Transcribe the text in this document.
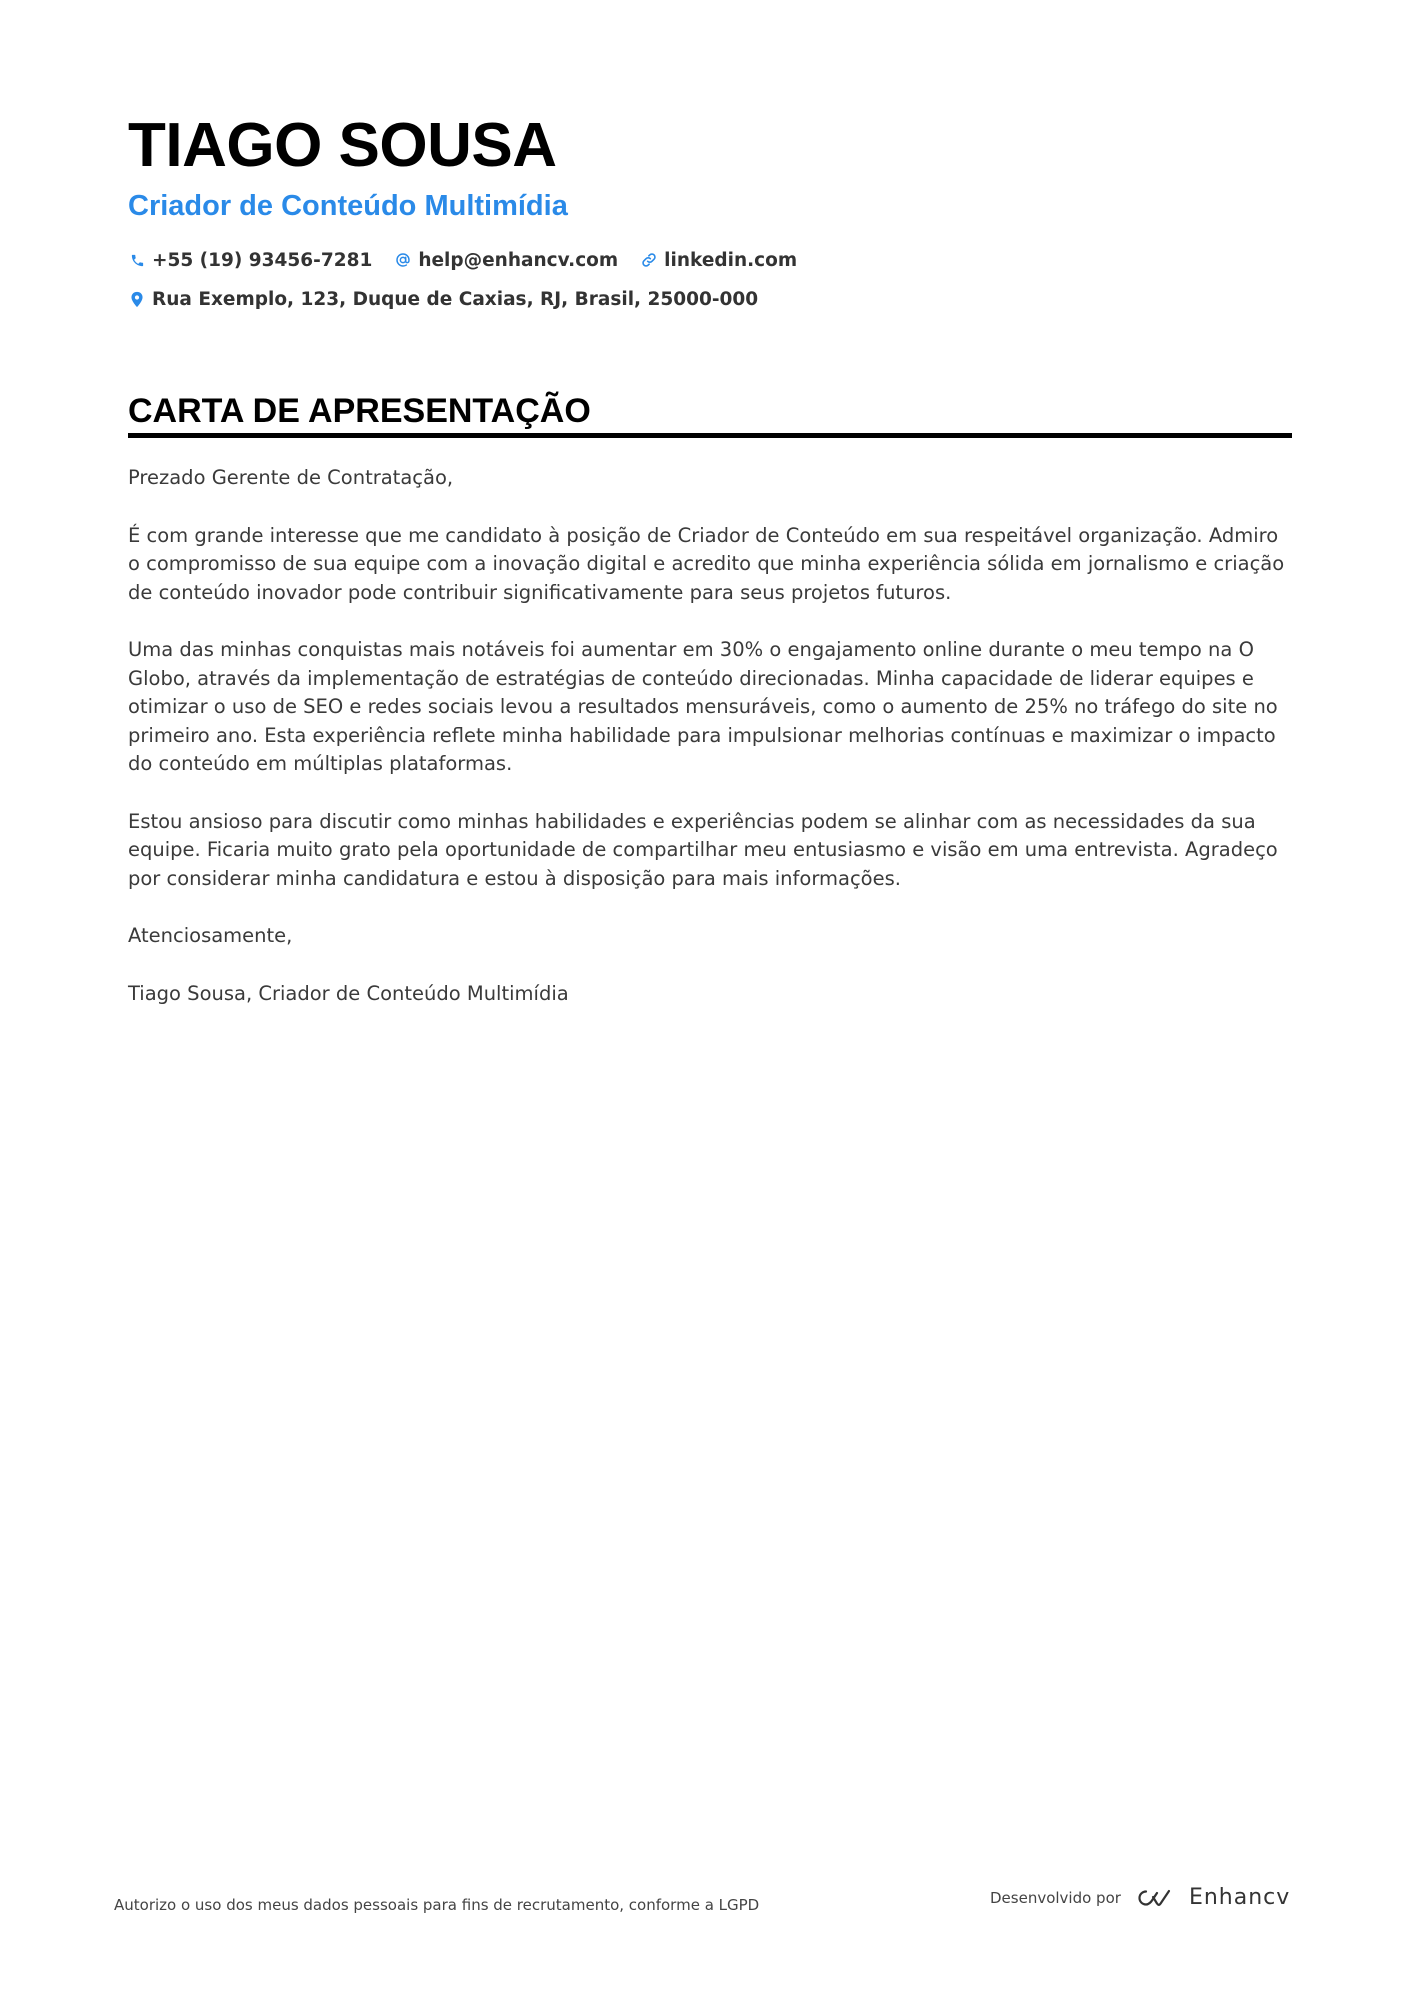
TIAGO SOUSA
Criador de Conteúdo Multimídia
+55 (19) 93456-7281 help@enhancv.com linkedin.com
Rua Exemplo, 123, Duque de Caxias, RJ, Brasil, 25000-000
CARTA DE APRESENTAÇÃO

Prezado Gerente de Contratação,

É com grande interesse que me candidato à posição de Criador de Conteúdo em sua respeitável organização. Admiro o compromisso de sua equipe com a inovação digital e acredito que minha experiência sólida em jornalismo e criação de conteúdo inovador pode contribuir significativamente para seus projetos futuros.

Uma das minhas conquistas mais notáveis foi aumentar em 30% o engajamento online durante o meu tempo na O Globo, através da implementação de estratégias de conteúdo direcionadas. Minha capacidade de liderar equipes e otimizar o uso de SEO e redes sociais levou a resultados mensuráveis, como o aumento de 25% no tráfego do site no primeiro ano. Esta experiência reflete minha habilidade para impulsionar melhorias contínuas e maximizar o impacto do conteúdo em múltiplas plataformas.

Estou ansioso para discutir como minhas habilidades e experiências podem se alinhar com as necessidades da sua equipe. Ficaria muito grato pela oportunidade de compartilhar meu entusiasmo e visão em uma entrevista. Agradeço por considerar minha candidatura e estou à disposição para mais informações.

Atenciosamente,

Tiago Sousa, Criador de Conteúdo Multimídia

Autorizo o uso dos meus dados pessoais para fins de recrutamento, conforme a LGPD	Desenvolvido por	Enhancv
